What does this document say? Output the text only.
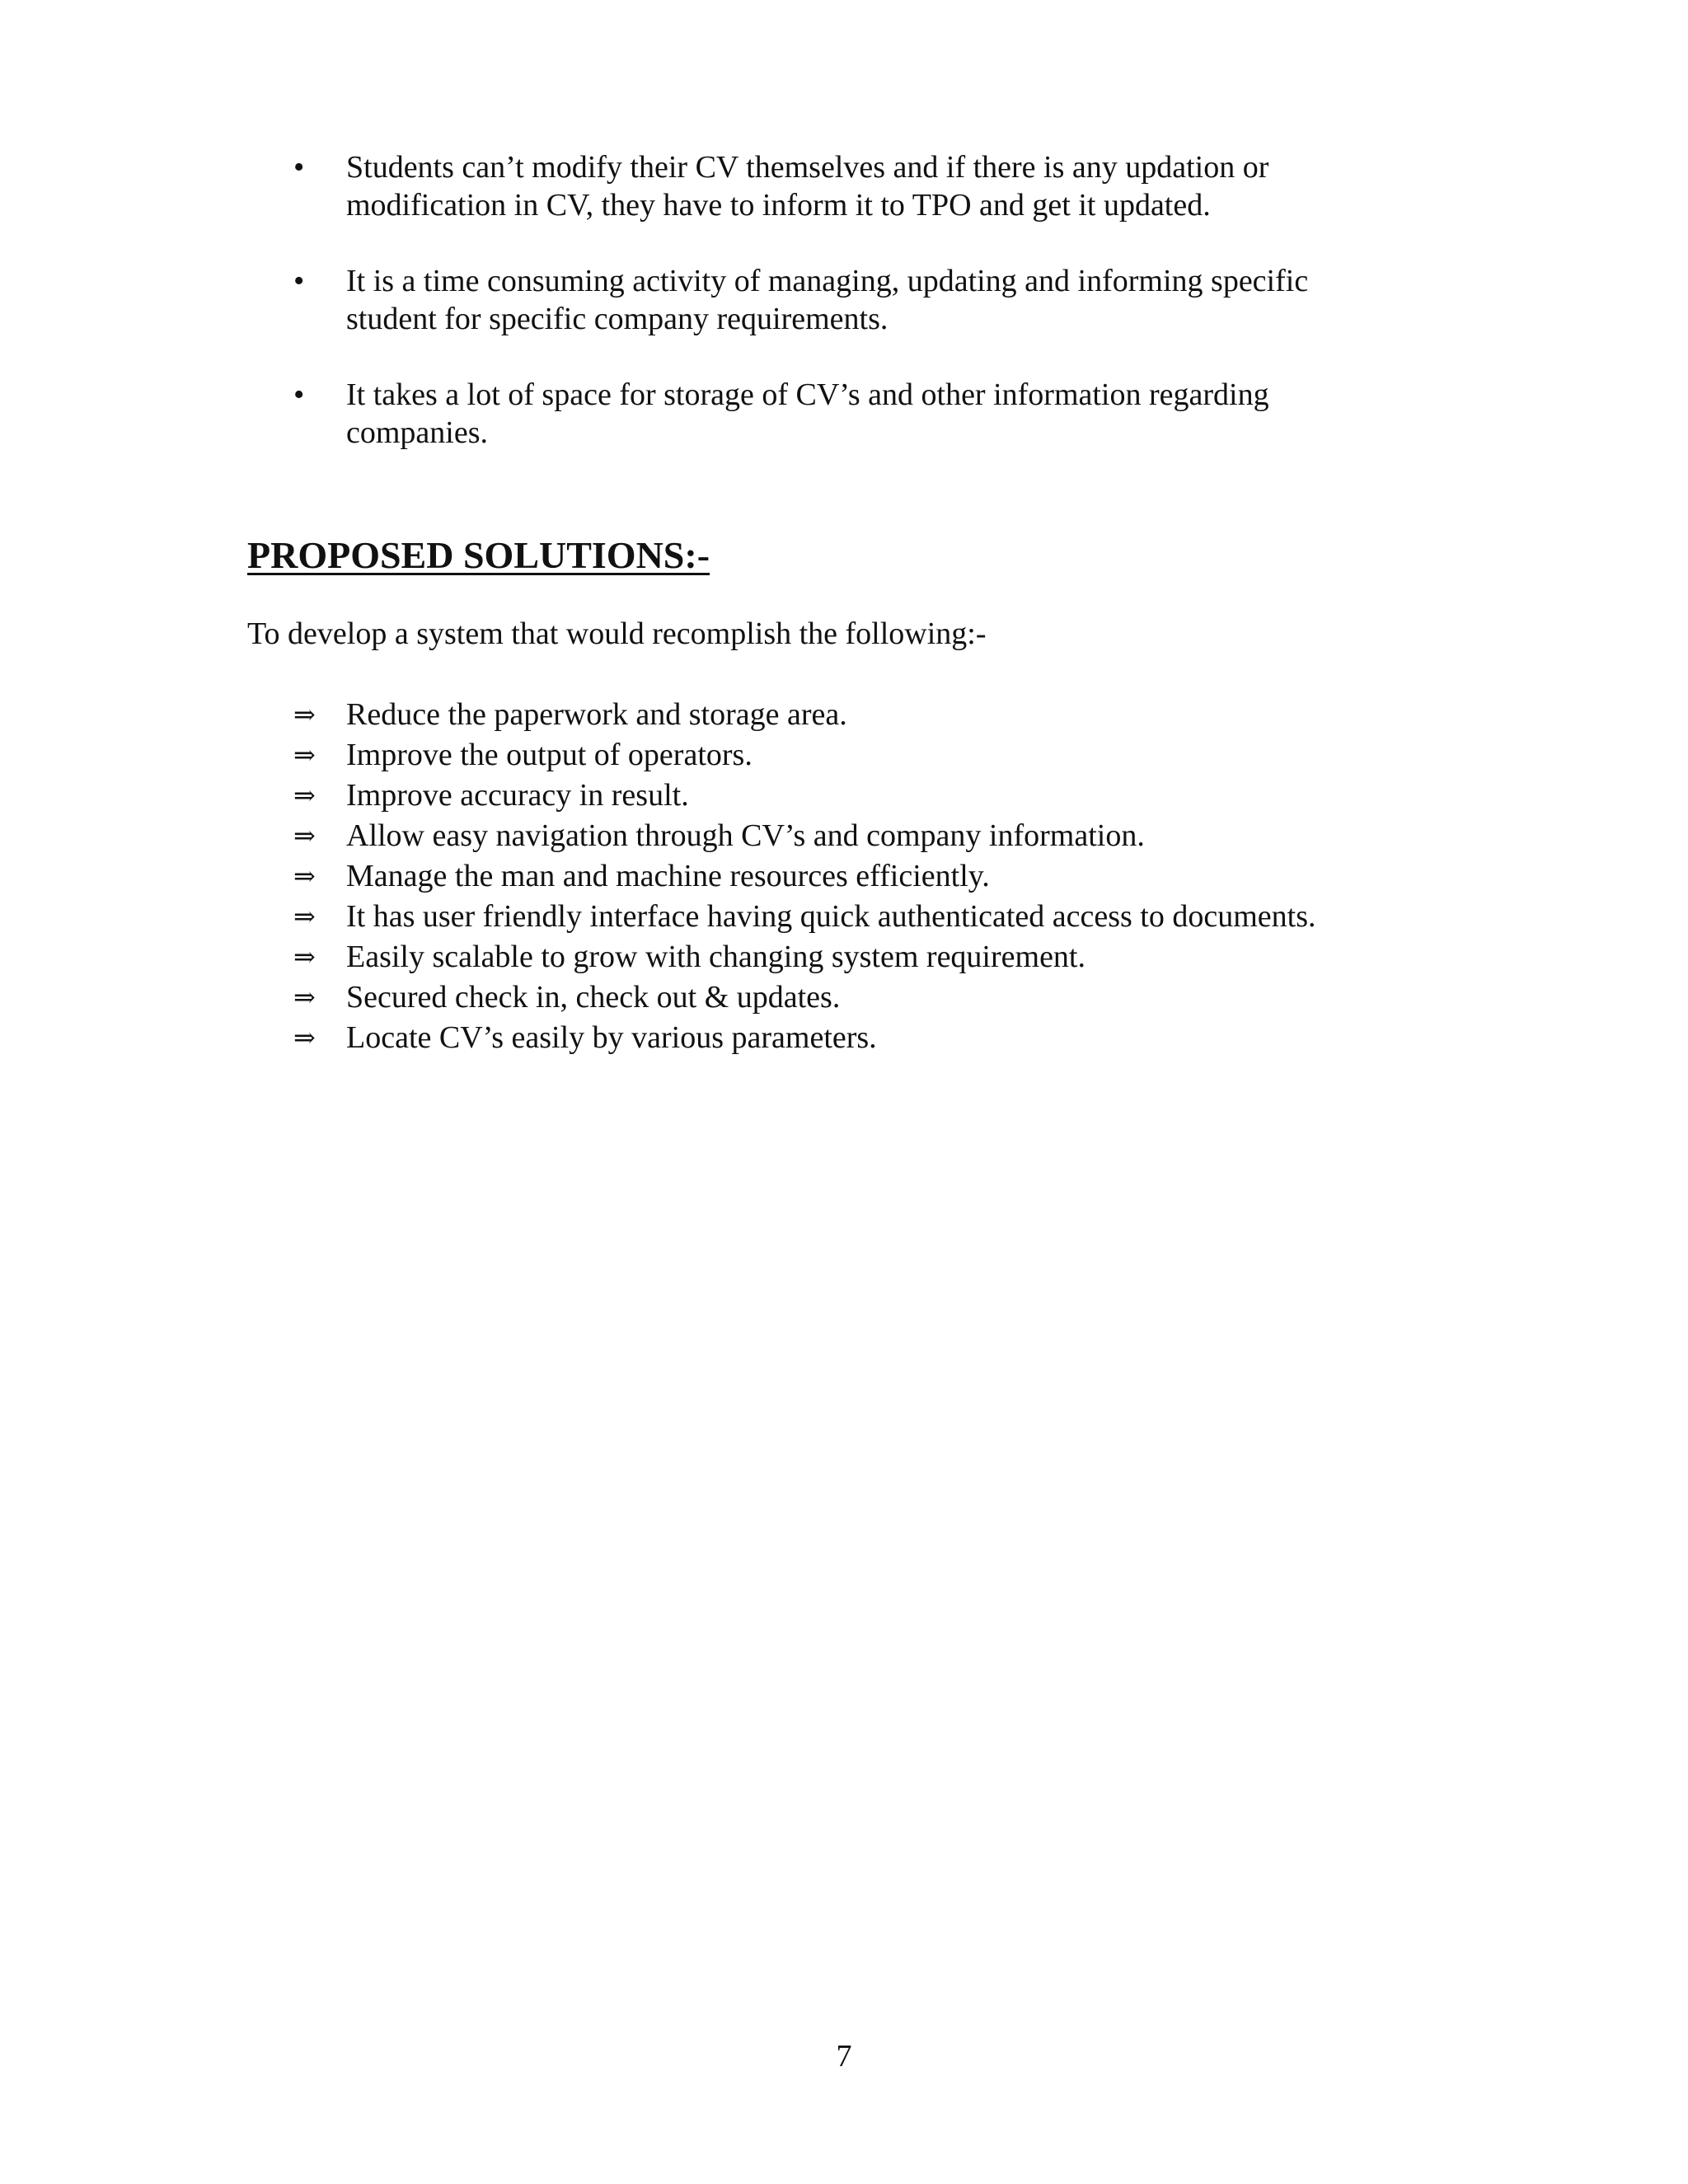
•	Students can’t modify their CV themselves and if there is any updation or modification in CV, they have to inform it to TPO and get it updated.
•	It is a time consuming activity of managing, updating and informing specific student for specific company requirements.
•	It takes a lot of space for storage of CV’s and other information regarding companies.
PROPOSED SOLUTIONS:-

To develop a system that would recomplish the following:-

⇒ Reduce the paperwork and storage area.
⇒ Improve the output of operators.
⇒ Improve accuracy in result.
⇒ Allow easy navigation through CV’s and company information.
⇒ Manage the man and machine resources efficiently.
⇒ It has user friendly interface having quick authenticated access to documents.
⇒ Easily scalable to grow with changing system requirement.
⇒ Secured check in, check out & updates.
⇒ Locate CV’s easily by various parameters.
7
